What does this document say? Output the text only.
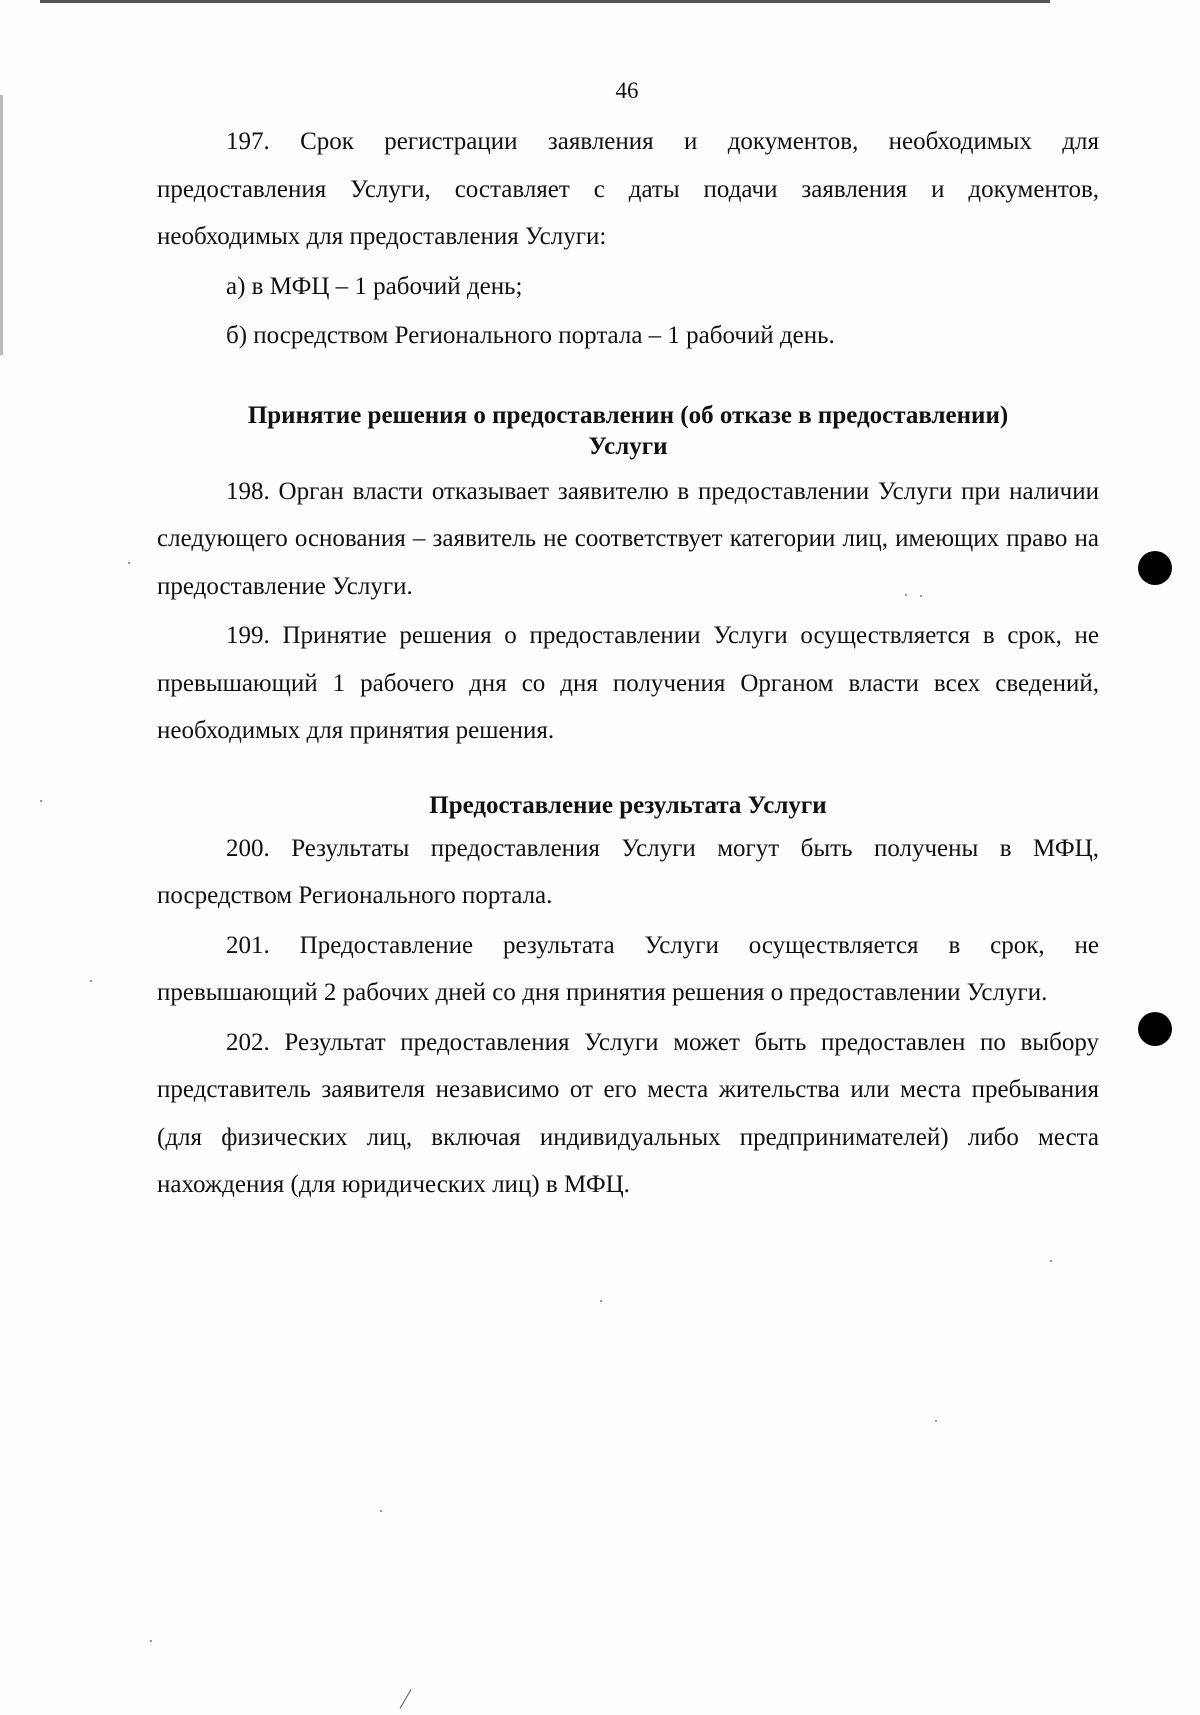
46

197. Срок регистрации заявления и документов, необходимых для предоставления Услуги, составляет с даты подачи заявления и документов, необходимых для предоставления Услуги:

а) в МФЦ – 1 рабочий день;

б) посредством Регионального портала – 1 рабочий день.

Принятие решения о предоставленин (об отказе в предоставлении)

Услуги

198. Орган власти отказывает заявителю в предоставлении Услуги при наличии следующего основания – заявитель не соответствует категории лиц, имеющих право на предоставление Услуги.

199. Принятие решения о предоставлении Услуги осуществляется в срок, не превышающий 1 рабочего дня со дня получения Органом власти всех сведений, необходимых для принятия решения.

Предоставление результата Услуги

200. Результаты предоставления Услуги могут быть получены в МФЦ, посредством Регионального портала.

201. Предоставление результата Услуги осуществляется в срок, не превышающий 2 рабочих дней со дня принятия решения о предоставлении Услуги.

202. Результат предоставления Услуги может быть предоставлен по выбору представитель заявителя независимо от его места жительства или места пребывания (для физических лиц, включая индивидуальных предпринимателей) либо места нахождения (для юридических лиц) в МФЦ.
